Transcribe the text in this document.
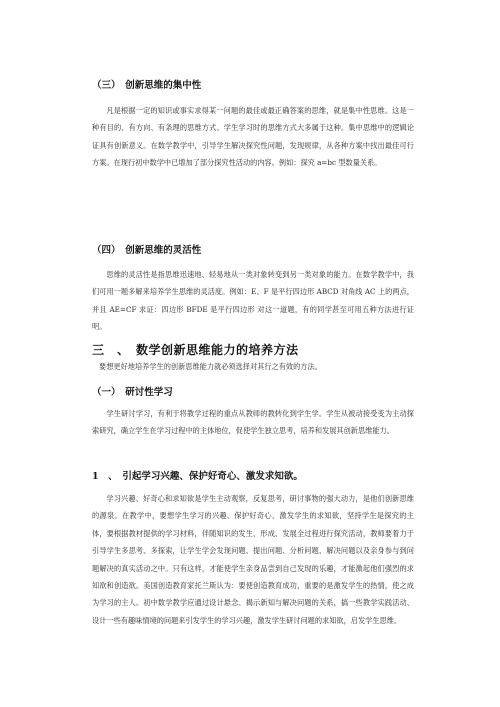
（三）　创新思维的集中性

凡是根据一定的知识或事实求得某一问题的最佳或最正确答案的思维，就是集中性思维。这是一种有目的、有方向、有条理的思维方式。学生学习时的思维方式大多属于这种。集中思维中的逻辑论证具有创新意义。在数学教学中，引导学生解决探究性问题，发现规律，从各种方案中找出最佳可行方案。在现行初中数学中已增加了部分探究性活动的内容。例如：探究 a=bc 型数量关系。

（四）　创新思维的灵活性

思维的灵活性是指思维迅速地、轻易地从一类对象转变到另一类对象的能力。在数学教学中，我们可用一题多解来培养学生思维的灵活度。例如：E、F 是平行四边形 ABCD 对角线 AC 上的两点，并且 AE=CF 求证：四边形 BFDE 是平行四边形 对这一道题，有的同学甚至可用五种方法进行证明。

三　、　数学创新思维能力的培养方法

要想更好地培养学生的创新思维能力就必须选择对其行之有效的方法。

（一）　研讨性学习

学生研讨学习，有利于将教学过程的重点从教师的教转化到学生学。学生从被动接受变为主动探索研究，确立学生在学习过程中的主体地位，促使学生独立思考，培养和发展其创新思维能力。

1　、　引起学习兴趣、保护好奇心、激发求知欲。

学习兴趣、好奇心和求知欲是学生主动观察，反复思考，研讨事物的强大动力，是他们创新思维的源泉。在教学中，要想学生学习的兴趣、保护好奇心、激发学生的求知欲，坚持学生是探究的主体，要根据教材提供的学习材料，伴随知识的发生、形成、发展全过程进行探究活动，教师要着力于引导学生多思考、多探索，让学生学会发现问题、提出问题、分析问题、解决问题以及亲身参与到问题解决的真实活动之中。只有这样，才能使学生亲身品尝到自己发现的乐趣，才能激起他们强烈的求知欲和创造欲。美国创造教育家托兰斯认为：要使创造教育成功，重要的是激发学生的热情，使之成为学习的主人。初中数学教学应通过设计悬念、揭示新知与解决问题的关系，搞一些教学实践活动、设计一些有趣味情境的问题来引发学生的学习兴趣，激发学生研讨问题的求知欲，启发学生思维。
